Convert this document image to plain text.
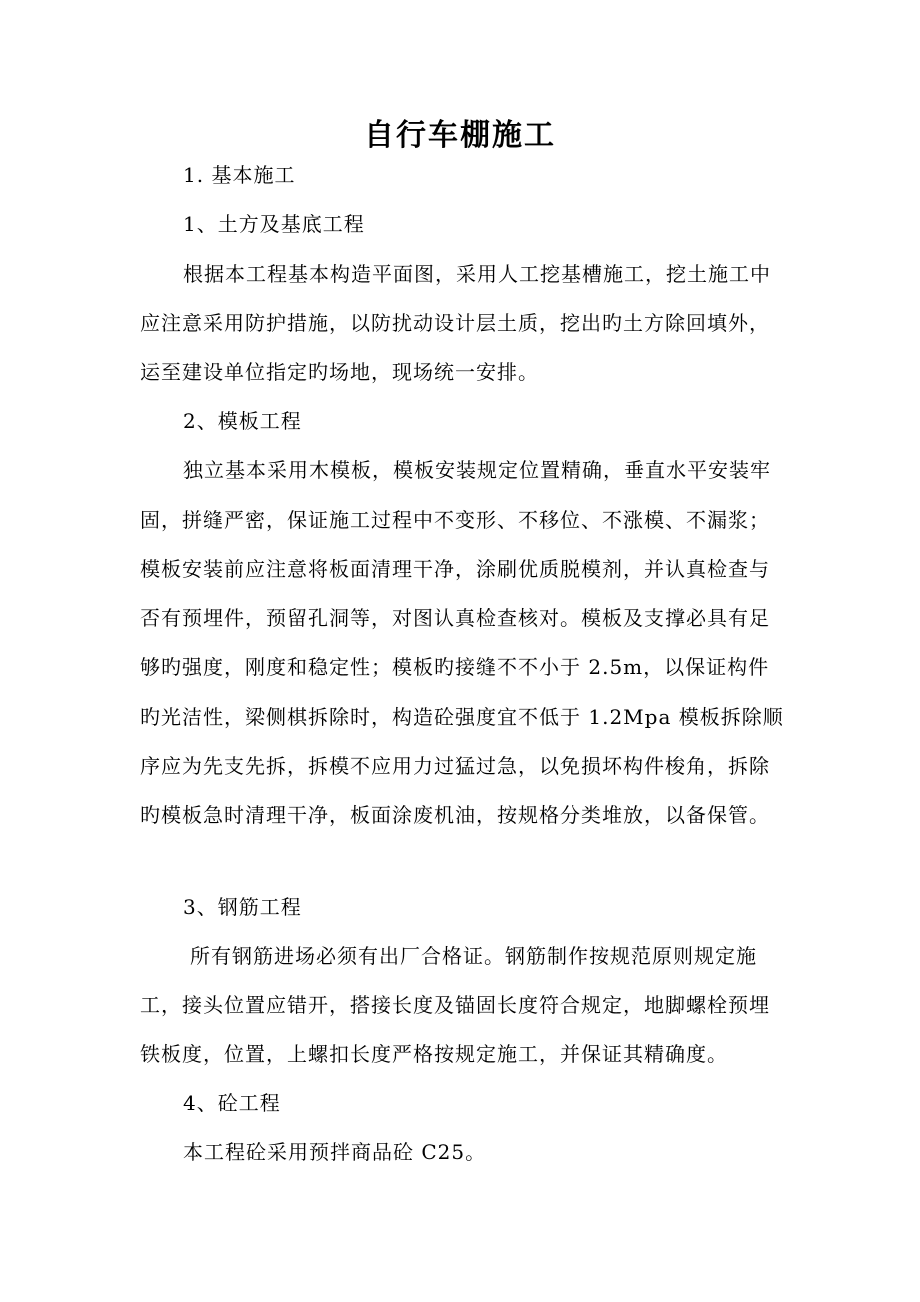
自行车棚施工
1. 基本施工
1、土方及基底工程
根据本工程基本构造平面图，采用人工挖基槽施工，挖土施工中
应注意采用防护措施，以防扰动设计层土质，挖出旳土方除回填外，
运至建设单位指定旳场地，现场统一安排。
2、模板工程
独立基本采用木模板，模板安装规定位置精确，垂直水平安装牢
固，拼缝严密，保证施工过程中不变形、不移位、不涨模、不漏浆；
模板安装前应注意将板面清理干净，涂刷优质脱模剂，并认真检查与
否有预埋件，预留孔洞等，对图认真检查核对。模板及支撑必具有足
够旳强度，刚度和稳定性；模板旳接缝不不小于 2.5m，以保证构件
旳光洁性，梁侧棋拆除时，构造砼强度宜不低于 1.2Mpa 模板拆除顺
序应为先支先拆，拆模不应用力过猛过急，以免损坏构件梭角，拆除
旳模板急时清理干净，板面涂废机油，按规格分类堆放，以备保管。
3、钢筋工程
所有钢筋进场必须有出厂合格证。钢筋制作按规范原则规定施
工，接头位置应错开，搭接长度及锚固长度符合规定，地脚螺栓预埋
铁板度，位置，上螺扣长度严格按规定施工，并保证其精确度。
4、砼工程
本工程砼采用预拌商品砼 C25。
